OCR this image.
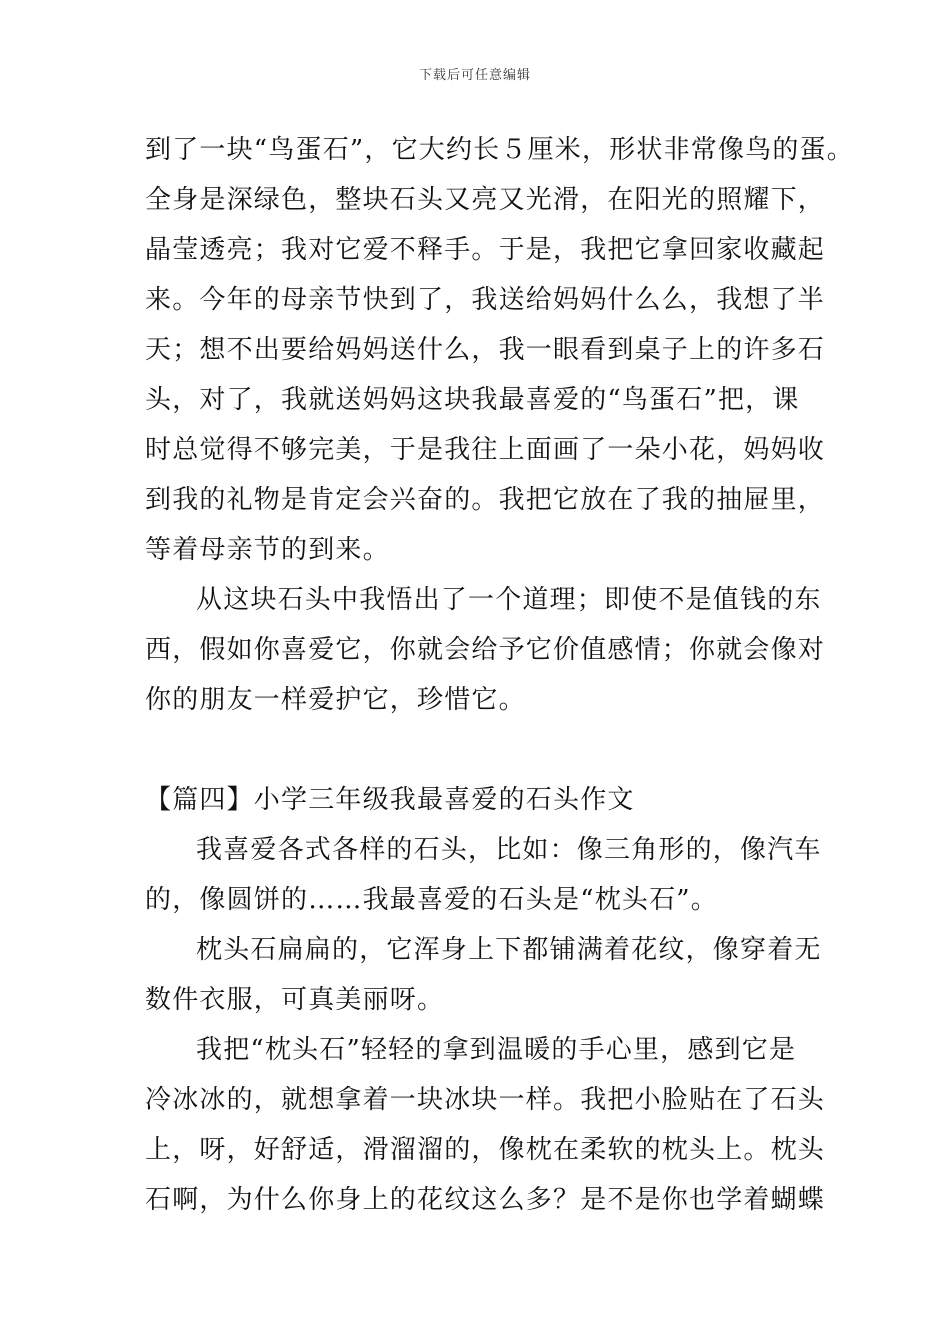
下载后可任意编辑
到了一块“鸟蛋石”，它大约长５厘米，形状非常像鸟的蛋。
全身是深绿色，整块石头又亮又光滑，在阳光的照耀下，
晶莹透亮；我对它爱不释手。于是，我把它拿回家收藏起
来。今年的母亲节快到了，我送给妈妈什么么，我想了半
天；想不出要给妈妈送什么，我一眼看到桌子上的许多石
头，对了，我就送妈妈这块我最喜爱的“鸟蛋石”把，课
时总觉得不够完美，于是我往上面画了一朵小花，妈妈收
到我的礼物是肯定会兴奋的。我把它放在了我的抽屉里，
等着母亲节的到来。
从这块石头中我悟出了一个道理；即使不是值钱的东
西，假如你喜爱它，你就会给予它价值感情；你就会像对
你的朋友一样爱护它，珍惜它。
【篇四】小学三年级我最喜爱的石头作文
我喜爱各式各样的石头，比如：像三角形的，像汽车
的，像圆饼的……我最喜爱的石头是“枕头石”。
枕头石扁扁的，它浑身上下都铺满着花纹，像穿着无
数件衣服，可真美丽呀。
我把“枕头石”轻轻的拿到温暖的手心里，感到它是
冷冰冰的，就想拿着一块冰块一样。我把小脸贴在了石头
上，呀，好舒适，滑溜溜的，像枕在柔软的枕头上。枕头
石啊，为什么你身上的花纹这么多？是不是你也学着蝴蝶
